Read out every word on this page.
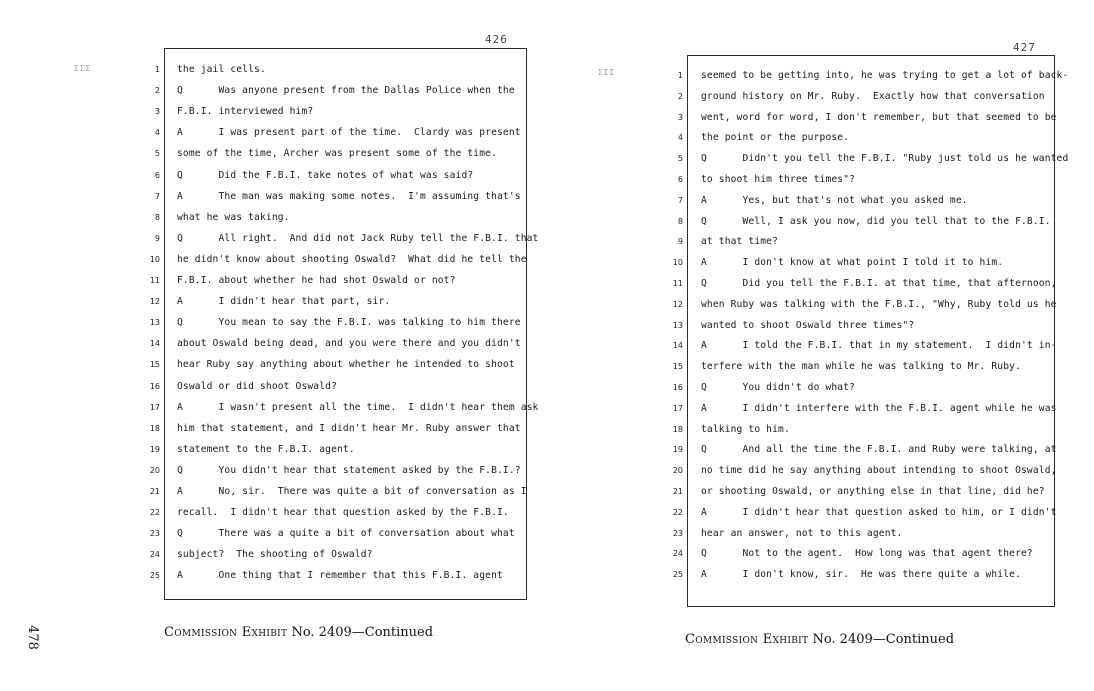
426
ΣΣΣ	1 the jail cells.
2 Q      Was anyone present from the Dallas Police when the
3 F.B.I. interviewed him?
4 A      I was present part of the time.  Clardy was present
5 some of the time, Archer was present some of the time.
6 Q      Did the F.B.I. take notes of what was said?
7 A      The man was making some notes.  I'm assuming that's
8 what he was taking.
9 Q      All right.  And did not Jack Ruby tell the F.B.I. that
10 he didn't know about shooting Oswald?  What did he tell the
11 F.B.I. about whether he had shot Oswald or not?
12 A      I didn't hear that part, sir.
13 Q      You mean to say the F.B.I. was talking to him there
14 about Oswald being dead, and you were there and you didn't
15 hear Ruby say anything about whether he intended to shoot
16 Oswald or did shoot Oswald?
17 A      I wasn't present all the time.  I didn't hear them ask
18 him that statement, and I didn't hear Mr. Ruby answer that
19 statement to the F.B.I. agent.
20 Q      You didn't hear that statement asked by the F.B.I.?
21 A      No, sir.  There was quite a bit of conversation as I
22 recall.  I didn't hear that question asked by the F.B.I.
23 Q      There was a quite a bit of conversation about what
24 subject?  The shooting of Oswald?
25 A      One thing that I remember that this F.B.I. agent
Commission Exhibit No. 2409—Continued
478
427
ΣΣΣ	1 seemed to be getting into, he was trying to get a lot of back-
2 ground history on Mr. Ruby.  Exactly how that conversation
3 went, word for word, I don't remember, but that seemed to be
4 the point or the purpose.
5 Q      Didn't you tell the F.B.I. "Ruby just told us he wanted
6 to shoot him three times"?
7 A      Yes, but that's not what you asked me.
8 Q      Well, I ask you now, did you tell that to the F.B.I.
9 at that time?
10 A      I don't know at what point I told it to him.
11 Q      Did you tell the F.B.I. at that time, that afternoon,
12 when Ruby was talking with the F.B.I., "Why, Ruby told us he
13 wanted to shoot Oswald three times"?
14 A      I told the F.B.I. that in my statement.  I didn't in-
15 terfere with the man while he was talking to Mr. Ruby.
16 Q      You didn't do what?
17 A      I didn't interfere with the F.B.I. agent while he was
18 talking to him.
19 Q      And all the time the F.B.I. and Ruby were talking, at
20 no time did he say anything about intending to shoot Oswald,
21 or shooting Oswald, or anything else in that line, did he?
22 A      I didn't hear that question asked to him, or I didn't
23 hear an answer, not to this agent.
24 Q      Not to the agent.  How long was that agent there?
25 A      I don't know, sir.  He was there quite a while.
Commission Exhibit No. 2409—Continued
